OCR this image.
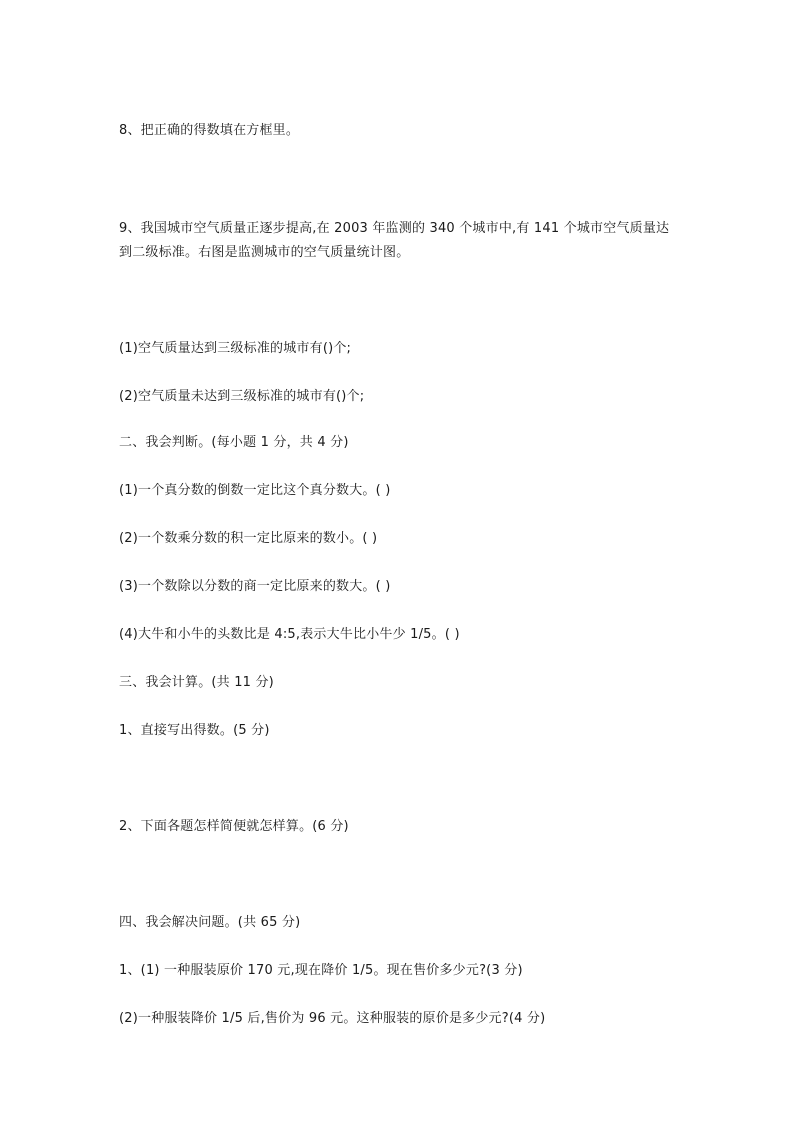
8、把正确的得数填在方框里。

9、我国城市空气质量正逐步提高,在 2003 年监测的 340 个城市中,有 141 个城市空气质量达

到二级标准。右图是监测城市的空气质量统计图。

(1)空气质量达到三级标准的城市有()个;

(2)空气质量未达到三级标准的城市有()个;

二、我会判断。(每小题 1 分，共 4 分)

(1)一个真分数的倒数一定比这个真分数大。( )

(2)一个数乘分数的积一定比原来的数小。( )

(3)一个数除以分数的商一定比原来的数大。( )

(4)大牛和小牛的头数比是 4:5,表示大牛比小牛少 1/5。( )

三、我会计算。(共 11 分)

1、直接写出得数。(5 分)

2、下面各题怎样简便就怎样算。(6 分)

四、我会解决问题。(共 65 分)

1、(1) 一种服装原价 170 元,现在降价 1/5。现在售价多少元?(3 分)

(2)一种服装降价 1/5 后,售价为 96 元。这种服装的原价是多少元?(4 分)
